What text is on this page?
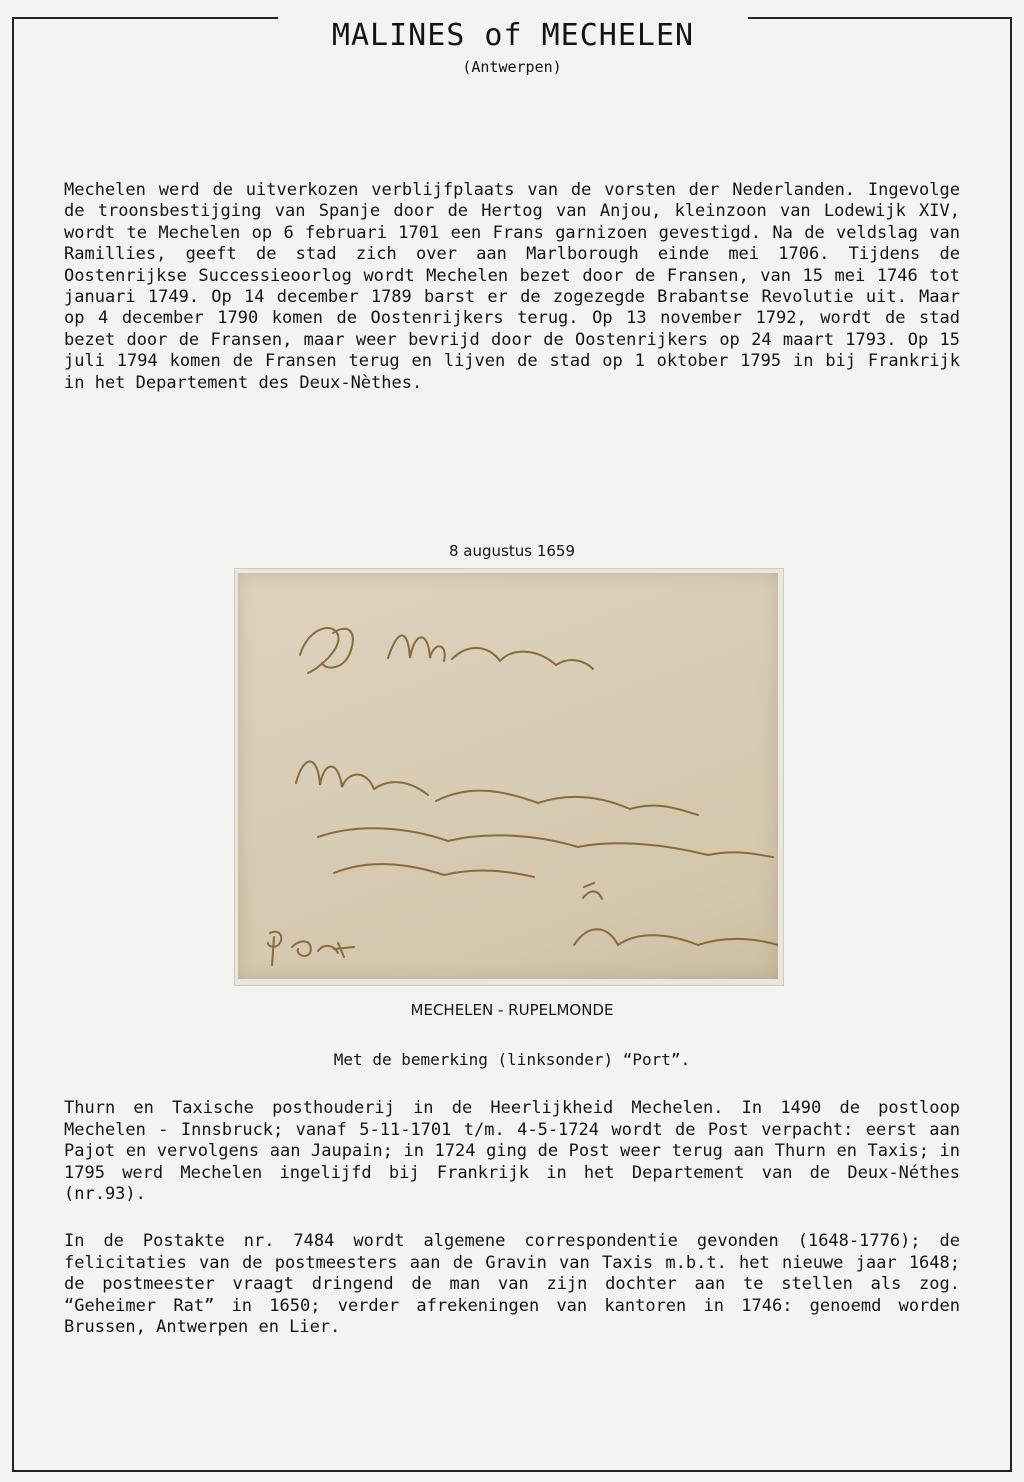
MALINES of MECHELEN
(Antwerpen)

Mechelen werd de uitverkozen verblijfplaats van de vorsten der Nederlanden. Ingevolge de troonsbestijging van Spanje door de Hertog van Anjou, kleinzoon van Lodewijk XIV, wordt te Mechelen op 6 februari 1701 een Frans garnizoen gevestigd. Na de veldslag van Ramillies, geeft de stad zich over aan Marlborough einde mei 1706. Tijdens de Oostenrijkse Successieoorlog wordt Mechelen bezet door de Fransen, van 15 mei 1746 tot januari 1749. Op 14 december 1789 barst er de zogezegde Brabantse Revolutie uit. Maar op 4 december 1790 komen de Oostenrijkers terug. Op 13 november 1792, wordt de stad bezet door de Fransen, maar weer bevrijd door de Oostenrijkers op 24 maart 1793. Op 15 juli 1794 komen de Fransen terug en lijven de stad op 1 oktober 1795 in bij Frankrijk in het Departement des Deux-Nèthes.

8 augustus 1659
MECHELEN - RUPELMONDE
Met de bemerking (linksonder) “Port”.

Thurn en Taxische posthouderij in de Heerlijkheid Mechelen. In 1490 de postloop Mechelen - Innsbruck; vanaf 5-11-1701 t/m. 4-5-1724 wordt de Post verpacht: eerst aan Pajot en vervolgens aan Jaupain; in 1724 ging de Post weer terug aan Thurn en Taxis; in 1795 werd Mechelen ingelijfd bij Frankrijk in het Departement van de Deux-Néthes (nr.93).

In de Postakte nr. 7484 wordt algemene correspondentie gevonden (1648-1776); de felicitaties van de postmeesters aan de Gravin van Taxis m.b.t. het nieuwe jaar 1648; de postmeester vraagt dringend de man van zijn dochter aan te stellen als zog. “Geheimer Rat” in 1650; verder afrekeningen van kantoren in 1746: genoemd worden Brussen, Antwerpen en Lier.
